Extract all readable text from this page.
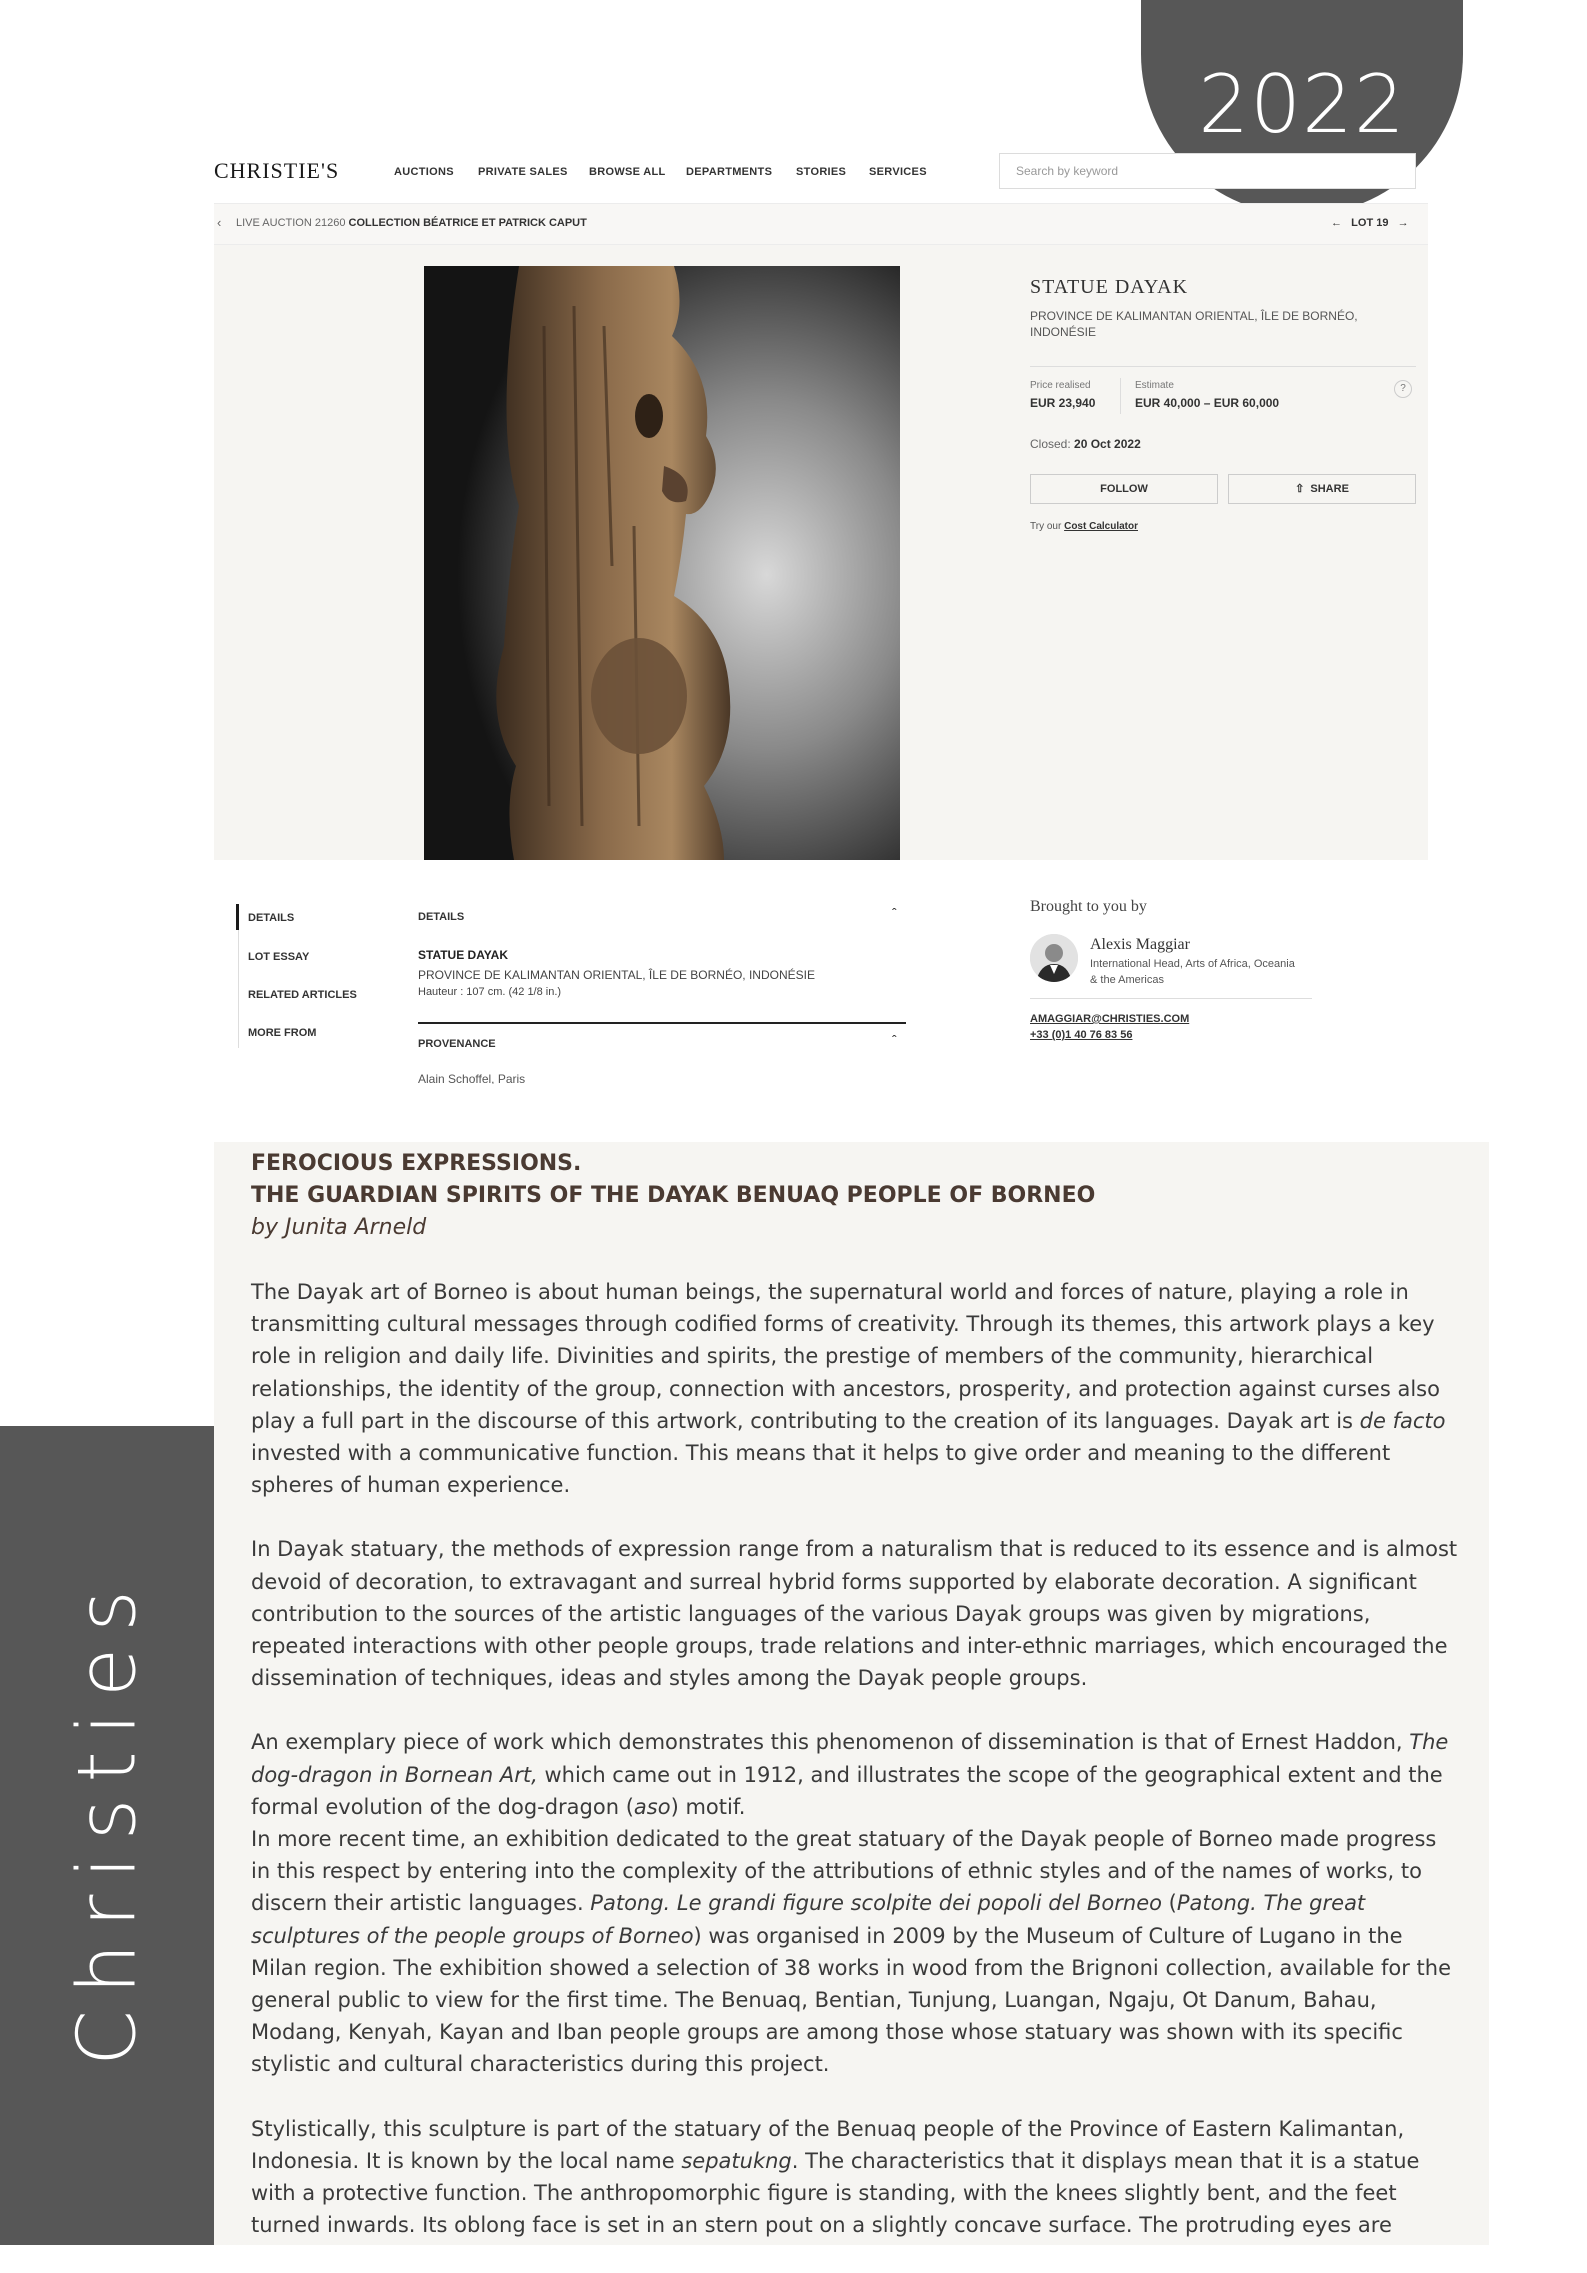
2022
Christies
CHRISTIE'S	AUCTIONS PRIVATE SALES BROWSE ALL DEPARTMENTS STORIES SERVICES	Search by keyword
‹ LIVE AUCTION 21260 COLLECTION BÉATRICE ET PATRICK CAPUT	← LOT 19 →
STATUE DAYAK
PROVINCE DE KALIMANTAN ORIENTAL, ÎLE DE BORNÉO, INDONÉSIE
Price realised
EUR 23,940
Estimate
EUR 40,000 – EUR 60,000
?
Closed: 20 Oct 2022
FOLLOW	⇧ SHARE
Try our Cost Calculator
DETAILS
LOT ESSAY
RELATED ARTICLES
MORE FROM
DETAILS	ˆ
STATUE DAYAK
PROVINCE DE KALIMANTAN ORIENTAL, ÎLE DE BORNÉO, INDONÉSIE
Hauteur : 107 cm. (42 1/8 in.)
PROVENANCE	ˆ
Alain Schoffel, Paris
Brought to you by
Alexis Maggiar
International Head, Arts of Africa, Oceania
& the Americas
AMAGGIAR@CHRISTIES.COM
+33 (0)1 40 76 83 56
FEROCIOUS EXPRESSIONS.
THE GUARDIAN SPIRITS OF THE DAYAK BENUAQ PEOPLE OF BORNEO
by Junita Arneld

The Dayak art of Borneo is about human beings, the supernatural world and forces of nature, playing a role in transmitting cultural messages through codified forms of creativity. Through its themes, this artwork plays a key role in religion and daily life. Divinities and spirits, the prestige of members of the community, hierarchical relationships, the identity of the group, connection with ancestors, prosperity, and protection against curses also play a full part in the discourse of this artwork, contributing to the creation of its languages. Dayak art is de facto invested with a communicative function. This means that it helps to give order and meaning to the different spheres of human experience.

In Dayak statuary, the methods of expression range from a naturalism that is reduced to its essence and is almost devoid of decoration, to extravagant and surreal hybrid forms supported by elaborate decoration. A significant contribution to the sources of the artistic languages of the various Dayak groups was given by migrations, repeated interactions with other people groups, trade relations and inter-ethnic marriages, which encouraged the dissemination of techniques, ideas and styles among the Dayak people groups.

An exemplary piece of work which demonstrates this phenomenon of dissemination is that of Ernest Haddon, The dog-dragon in Bornean Art, which came out in 1912, and illustrates the scope of the geographical extent and the formal evolution of the dog-dragon (aso) motif.

In more recent time, an exhibition dedicated to the great statuary of the Dayak people of Borneo made progress in this respect by entering into the complexity of the attributions of ethnic styles and of the names of works, to discern their artistic languages. Patong. Le grandi figure scolpite dei popoli del Borneo (Patong. The great sculptures of the people groups of Borneo) was organised in 2009 by the Museum of Culture of Lugano in the Milan region. The exhibition showed a selection of 38 works in wood from the Brignoni collection, available for the general public to view for the first time. The Benuaq, Bentian, Tunjung, Luangan, Ngaju, Ot Danum, Bahau, Modang, Kenyah, Kayan and Iban people groups are among those whose statuary was shown with its specific stylistic and cultural characteristics during this project.

Stylistically, this sculpture is part of the statuary of the Benuaq people of the Province of Eastern Kalimantan, Indonesia. It is known by the local name sepatukng. The characteristics that it displays mean that it is a statue with a protective function. The anthropomorphic figure is standing, with the knees slightly bent, and the feet turned inwards. Its oblong face is set in an stern pout on a slightly concave surface. The protruding eyes are
